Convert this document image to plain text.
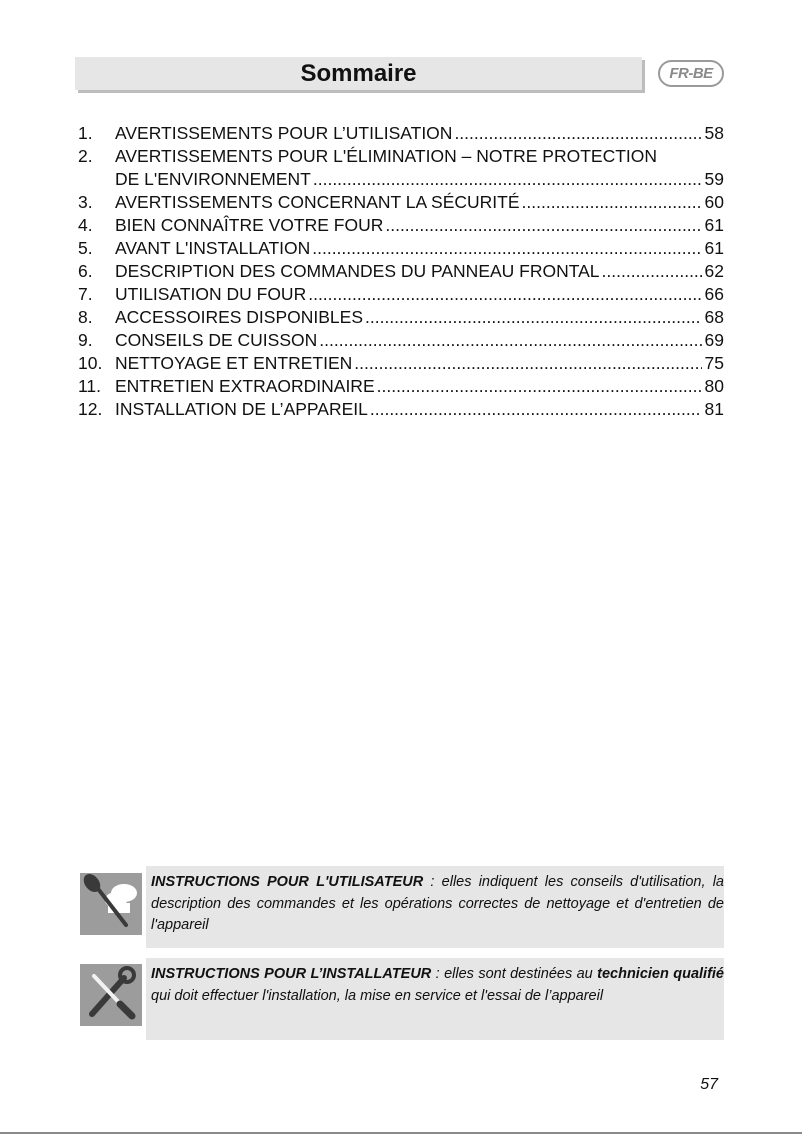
Sommaire	FR-BE
1.	AVERTISSEMENTS POUR L’UTILISATION .....	58
2.	AVERTISSEMENTS POUR L'ÉLIMINATION – NOTRE PROTECTION
DE L'ENVIRONNEMENT .....	59
3.	AVERTISSEMENTS CONCERNANT LA SÉCURITÉ .....	60
4.	BIEN CONNAÎTRE VOTRE FOUR .....	61
5.	AVANT L'INSTALLATION .....	61
6.	DESCRIPTION DES COMMANDES DU PANNEAU FRONTAL .....	62
7.	UTILISATION DU FOUR .....	66
8.	ACCESSOIRES DISPONIBLES .....	68
9.	CONSEILS DE CUISSON .....	69
10. NETTOYAGE ET ENTRETIEN .....	75
11. ENTRETIEN EXTRAORDINAIRE .....	80
12. INSTALLATION DE L’APPAREIL .....	81
INSTRUCTIONS POUR L'UTILISATEUR : elles indiquent les conseils d'utilisation, la description des commandes et les opérations correctes de nettoyage et d'entretien de l'appareil
INSTRUCTIONS POUR L’INSTALLATEUR : elles sont destinées au technicien qualifié qui doit effectuer l'installation, la mise en service et l'essai de l’appareil
57
